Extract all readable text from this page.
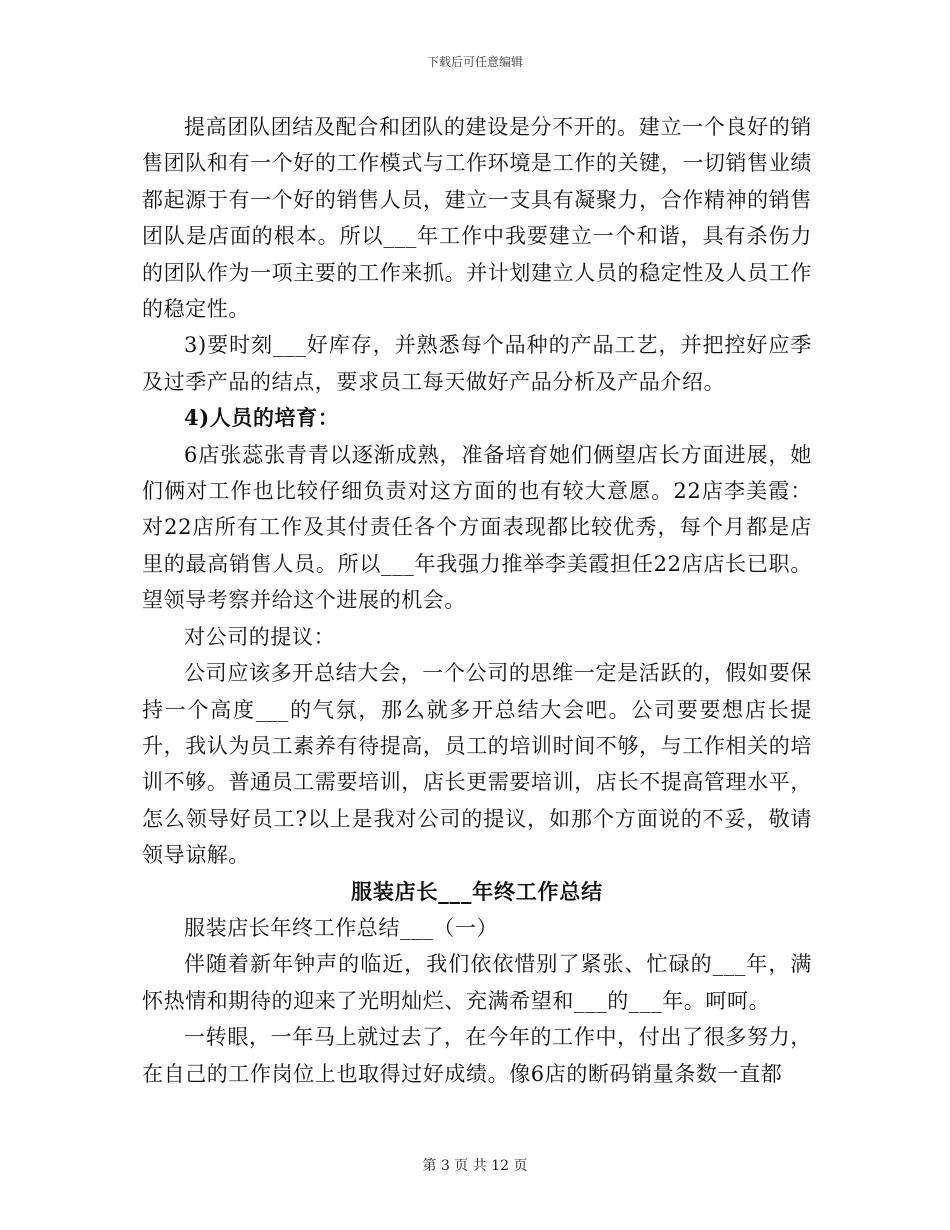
下载后可任意编辑

提高团队团结及配合和团队的建设是分不开的。建立一个良好的销售团队和有一个好的工作模式与工作环境是工作的关键，一切销售业绩都起源于有一个好的销售人员，建立一支具有凝聚力，合作精神的销售团队是店面的根本。所以___年工作中我要建立一个和谐，具有杀伤力的团队作为一项主要的工作来抓。并计划建立人员的稳定性及人员工作的稳定性。

3)要时刻___好库存，并熟悉每个品种的产品工艺，并把控好应季及过季产品的结点，要求员工每天做好产品分析及产品介绍。

4)人员的培育：

6店张蕊张青青以逐渐成熟，准备培育她们俩望店长方面进展，她们俩对工作也比较仔细负责对这方面的也有较大意愿。22店李美霞：对22店所有工作及其付责任各个方面表现都比较优秀，每个月都是店里的最高销售人员。所以___年我强力推举李美霞担任22店店长已职。望领导考察并给这个进展的机会。

对公司的提议：

公司应该多开总结大会，一个公司的思维一定是活跃的，假如要保持一个高度___的气氛，那么就多开总结大会吧。公司要要想店长提升，我认为员工素养有待提高，员工的培训时间不够，与工作相关的培训不够。普通员工需要培训，店长更需要培训，店长不提高管理水平，怎么领导好员工?以上是我对公司的提议，如那个方面说的不妥，敬请领导谅解。

服装店长___年终工作总结

服装店长年终工作总结___（一）

伴随着新年钟声的临近，我们依依惜别了紧张、忙碌的___年，满怀热情和期待的迎来了光明灿烂、充满希望和___的___年。呵呵。

一转眼，一年马上就过去了，在今年的工作中，付出了很多努力，在自己的工作岗位上也取得过好成绩。像6店的断码销量条数一直都

第 3 页 共 12 页
